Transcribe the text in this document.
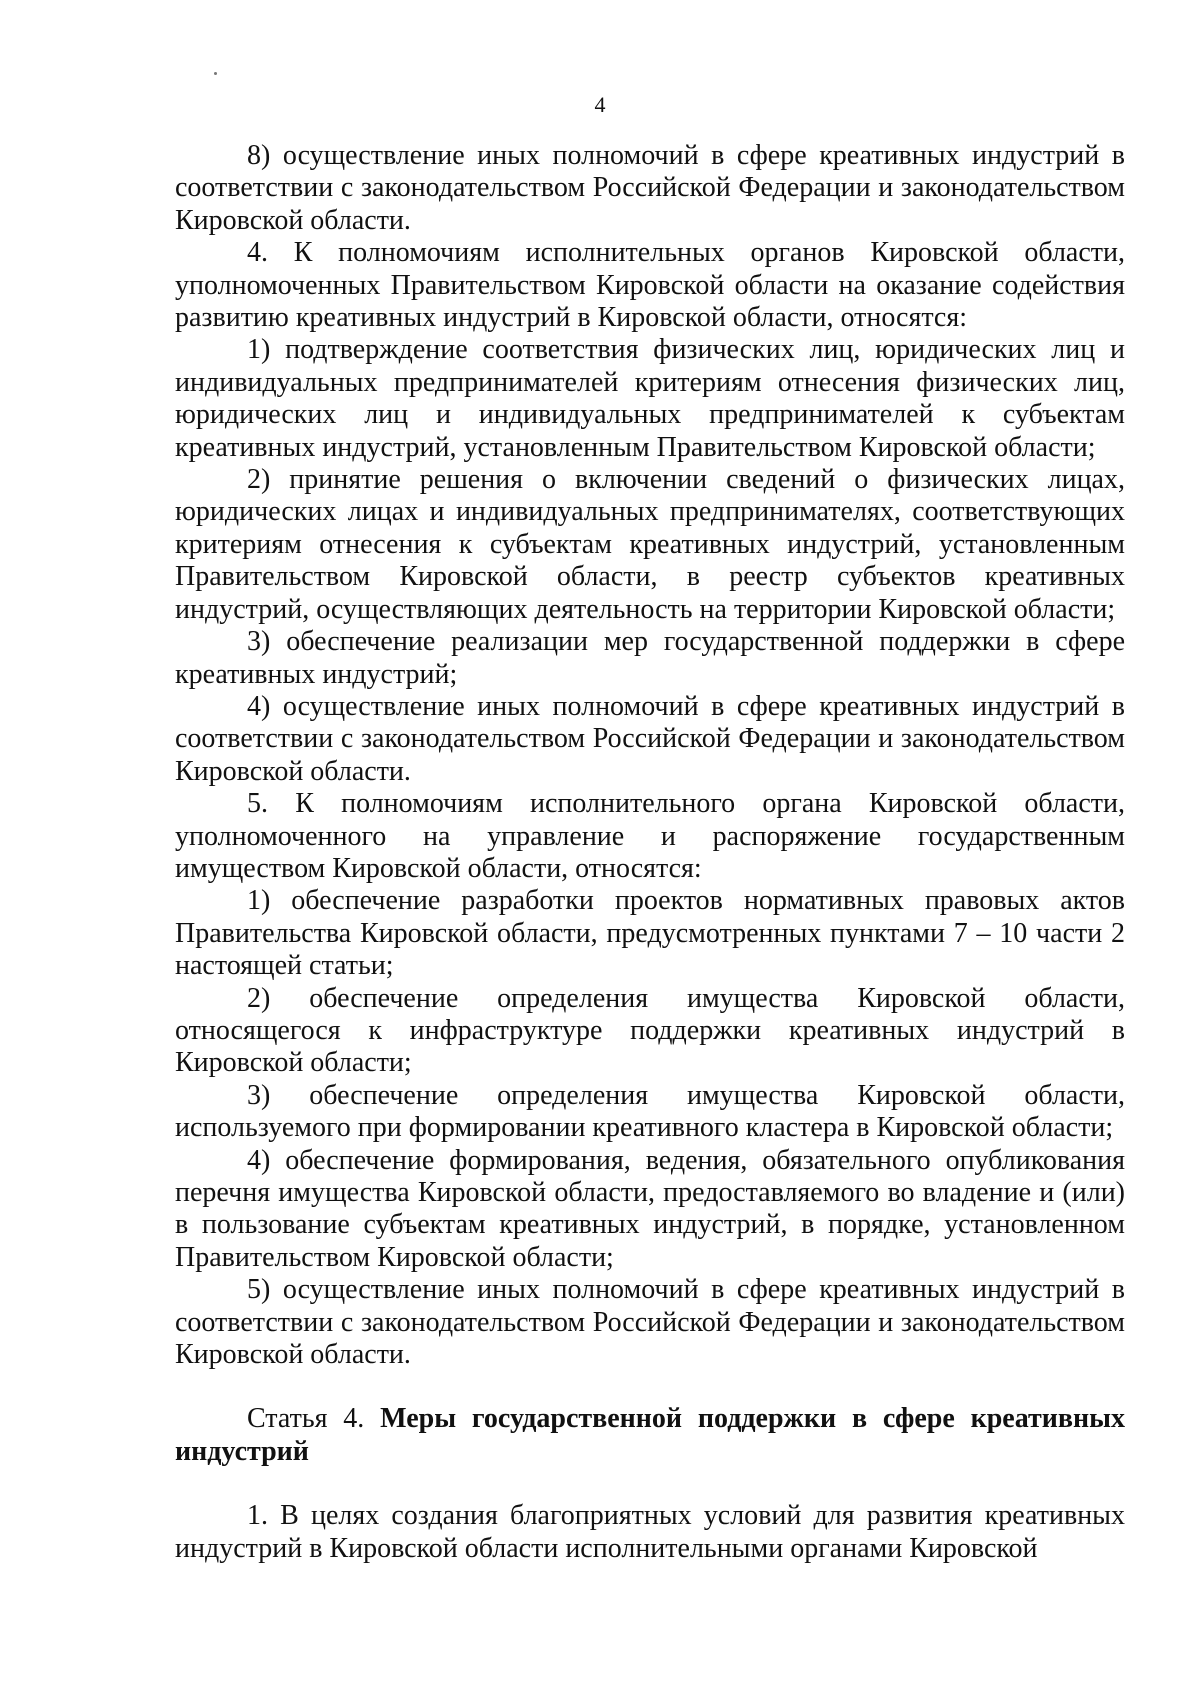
4

8) осуществление иных полномочий в сфере креативных индустрий в соответствии с законодательством Российской Федерации и законодательством Кировской области.

4. К полномочиям исполнительных органов Кировской области, уполномоченных Правительством Кировской области на оказание содействия развитию креативных индустрий в Кировской области, относятся:

1) подтверждение соответствия физических лиц, юридических лиц и индивидуальных предпринимателей критериям отнесения физических лиц, юридических лиц и индивидуальных предпринимателей к субъектам креативных индустрий, установленным Правительством Кировской области;

2) принятие решения о включении сведений о физических лицах, юридических лицах и индивидуальных предпринимателях, соответствующих критериям отнесения к субъектам креативных индустрий, установленным Правительством Кировской области, в реестр субъектов креативных индустрий, осуществляющих деятельность на территории Кировской области;

3) обеспечение реализации мер государственной поддержки в сфере креативных индустрий;

4) осуществление иных полномочий в сфере креативных индустрий в соответствии с законодательством Российской Федерации и законодательством Кировской области.

5. К полномочиям исполнительного органа Кировской области, уполномоченного на управление и распоряжение государственным имуществом Кировской области, относятся:

1) обеспечение разработки проектов нормативных правовых актов Правительства Кировской области, предусмотренных пунктами 7 – 10 части 2 настоящей статьи;

2) обеспечение определения имущества Кировской области, относящегося к инфраструктуре поддержки креативных индустрий в Кировской области;

3) обеспечение определения имущества Кировской области, используемого при формировании креативного кластера в Кировской области;

4) обеспечение формирования, ведения, обязательного опубликования перечня имущества Кировской области, предоставляемого во владение и (или) в пользование субъектам креативных индустрий, в порядке, установленном Правительством Кировской области;

5) осуществление иных полномочий в сфере креативных индустрий в соответствии с законодательством Российской Федерации и законодательством Кировской области.

Статья 4. Меры государственной поддержки в сфере креативных индустрий

1. В целях создания благоприятных условий для развития креативных индустрий в Кировской области исполнительными органами Кировской
